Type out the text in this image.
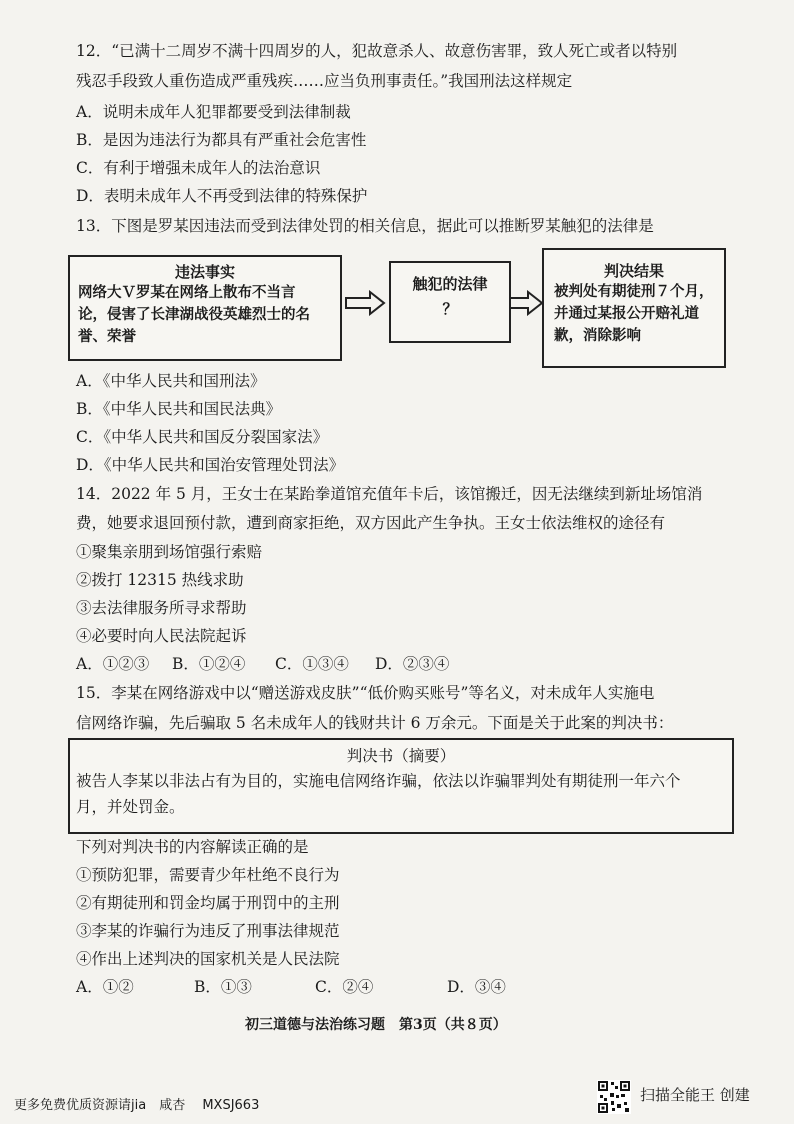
12．“已满十二周岁不满十四周岁的人，犯故意杀人、故意伤害罪，致人死亡或者以特别
残忍手段致人重伤造成严重残疾……应当负刑事责任。”我国刑法这样规定
A．说明未成年人犯罪都要受到法律制裁
B．是因为违法行为都具有严重社会危害性
C．有利于增强未成年人的法治意识
D．表明未成年人不再受到法律的特殊保护
13．下图是罗某因违法而受到法律处罚的相关信息，据此可以推断罗某触犯的法律是
违法事实
网络大Ｖ罗某在网络上散布不当言
论，侵害了长津湖战役英雄烈士的名
誉、荣誉
触犯的法律
？
判决结果
被判处有期徒刑７个月，
并通过某报公开赔礼道
歉，消除影响
A．《中华人民共和国刑法》
B．《中华人民共和国民法典》
C．《中华人民共和国反分裂国家法》
D．《中华人民共和国治安管理处罚法》
14．2022 年 5 月，王女士在某跆拳道馆充值年卡后，该馆搬迁，因无法继续到新址场馆消
费，她要求退回预付款，遭到商家拒绝，双方因此产生争执。王女士依法维权的途径有
①聚集亲朋到场馆强行索赔
②拨打 12315 热线求助
③去法律服务所寻求帮助
④必要时向人民法院起诉
A．①②③ B．①②④ C．①③④ D．②③④
15．李某在网络游戏中以“赠送游戏皮肤”“低价购买账号”等名义，对未成年人实施电
信网络诈骗，先后骗取 5 名未成年人的钱财共计 6 万余元。下面是关于此案的判决书：
判决书（摘要）
被告人李某以非法占有为目的，实施电信网络诈骗，依法以诈骗罪判处有期徒刑一年六个
月，并处罚金。
下列对判决书的内容解读正确的是
①预防犯罪，需要青少年杜绝不良行为
②有期徒刑和罚金均属于刑罚中的主刑
③李某的诈骗行为违反了刑事法律规范
④作出上述判决的国家机关是人民法院
A．①②	B．①③	C．②④	D．③④
初三道德与法治练习题　第3页（共８页）
更多免费优质资源请jia　咸杏　 MXSJ663
扫描全能王 创建
